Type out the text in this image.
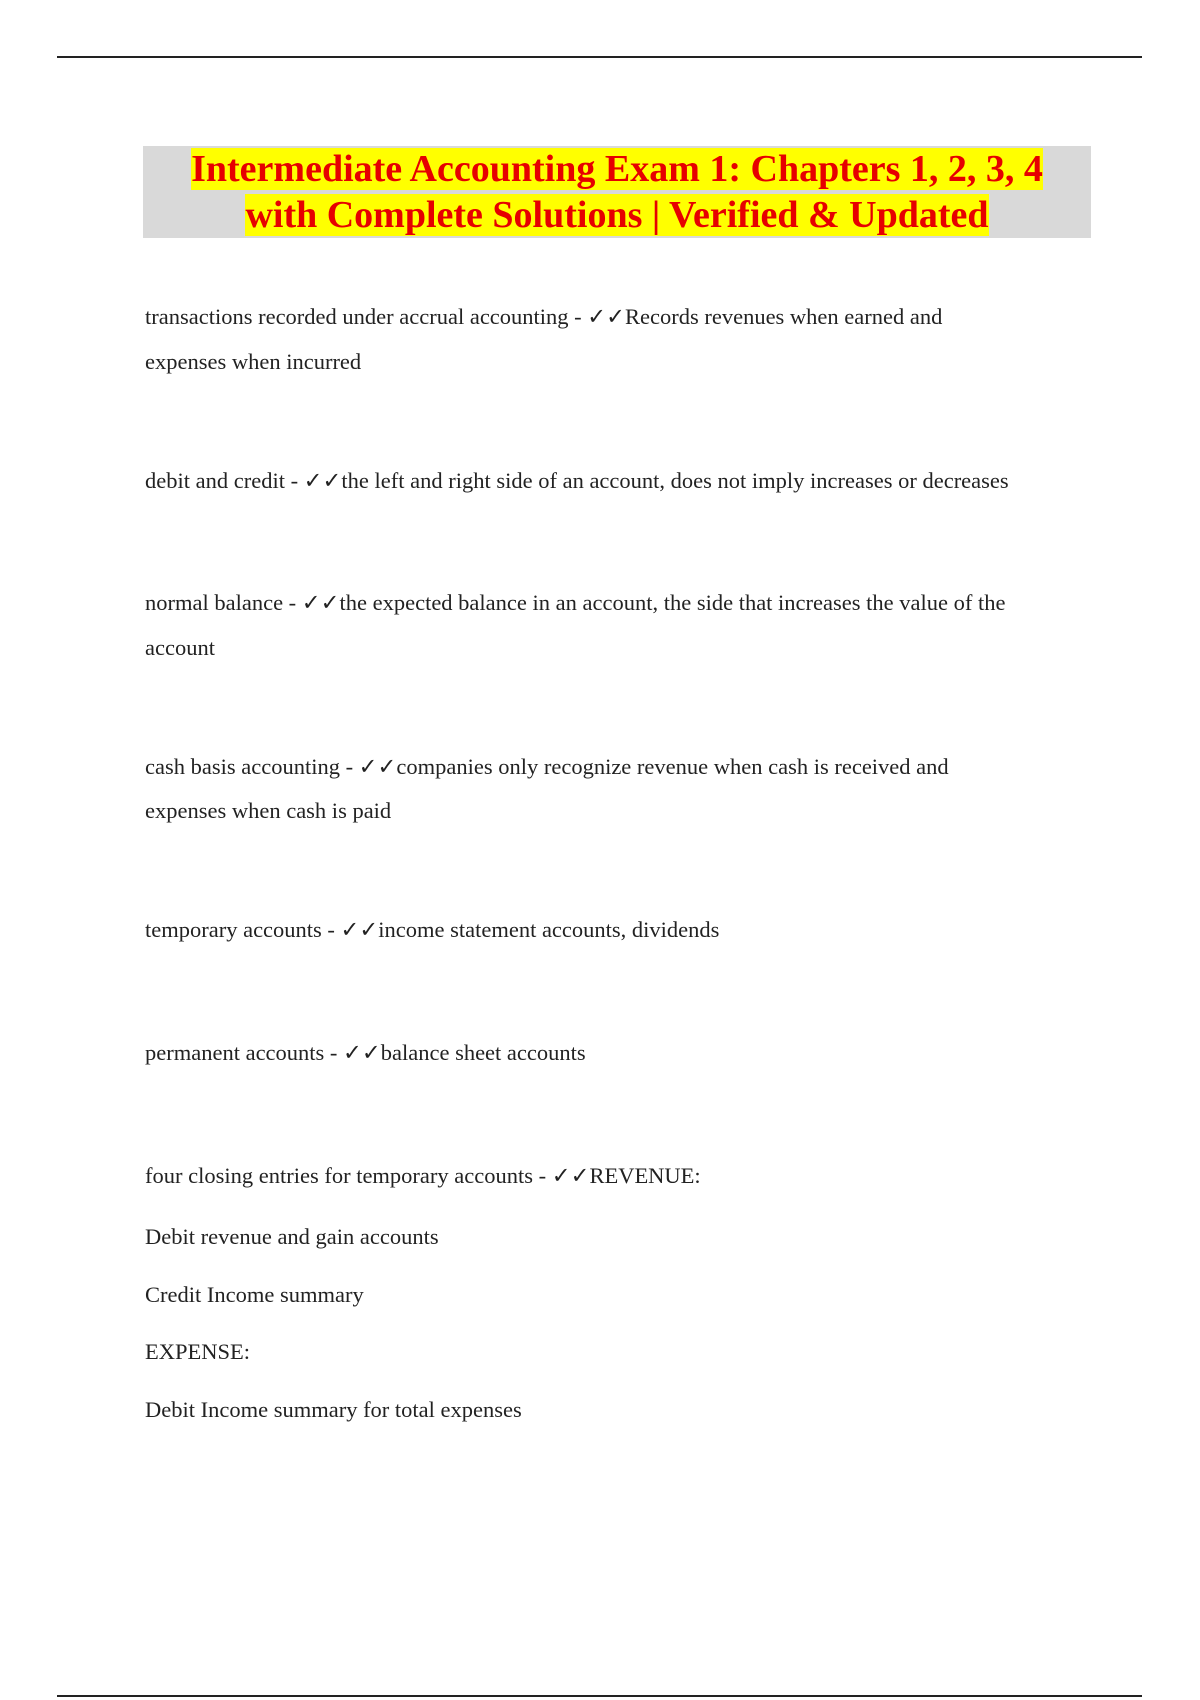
Intermediate Accounting Exam 1: Chapters 1, 2, 3, 4
with Complete Solutions | Verified & Updated
transactions recorded under accrual accounting - ✓✓Records revenues when earned and
expenses when incurred
debit and credit - ✓✓the left and right side of an account, does not imply increases or decreases
normal balance - ✓✓the expected balance in an account, the side that increases the value of the
account
cash basis accounting - ✓✓companies only recognize revenue when cash is received and
expenses when cash is paid
temporary accounts - ✓✓income statement accounts, dividends
permanent accounts - ✓✓balance sheet accounts
four closing entries for temporary accounts - ✓✓REVENUE:
Debit revenue and gain accounts
Credit Income summary
EXPENSE:
Debit Income summary for total expenses
